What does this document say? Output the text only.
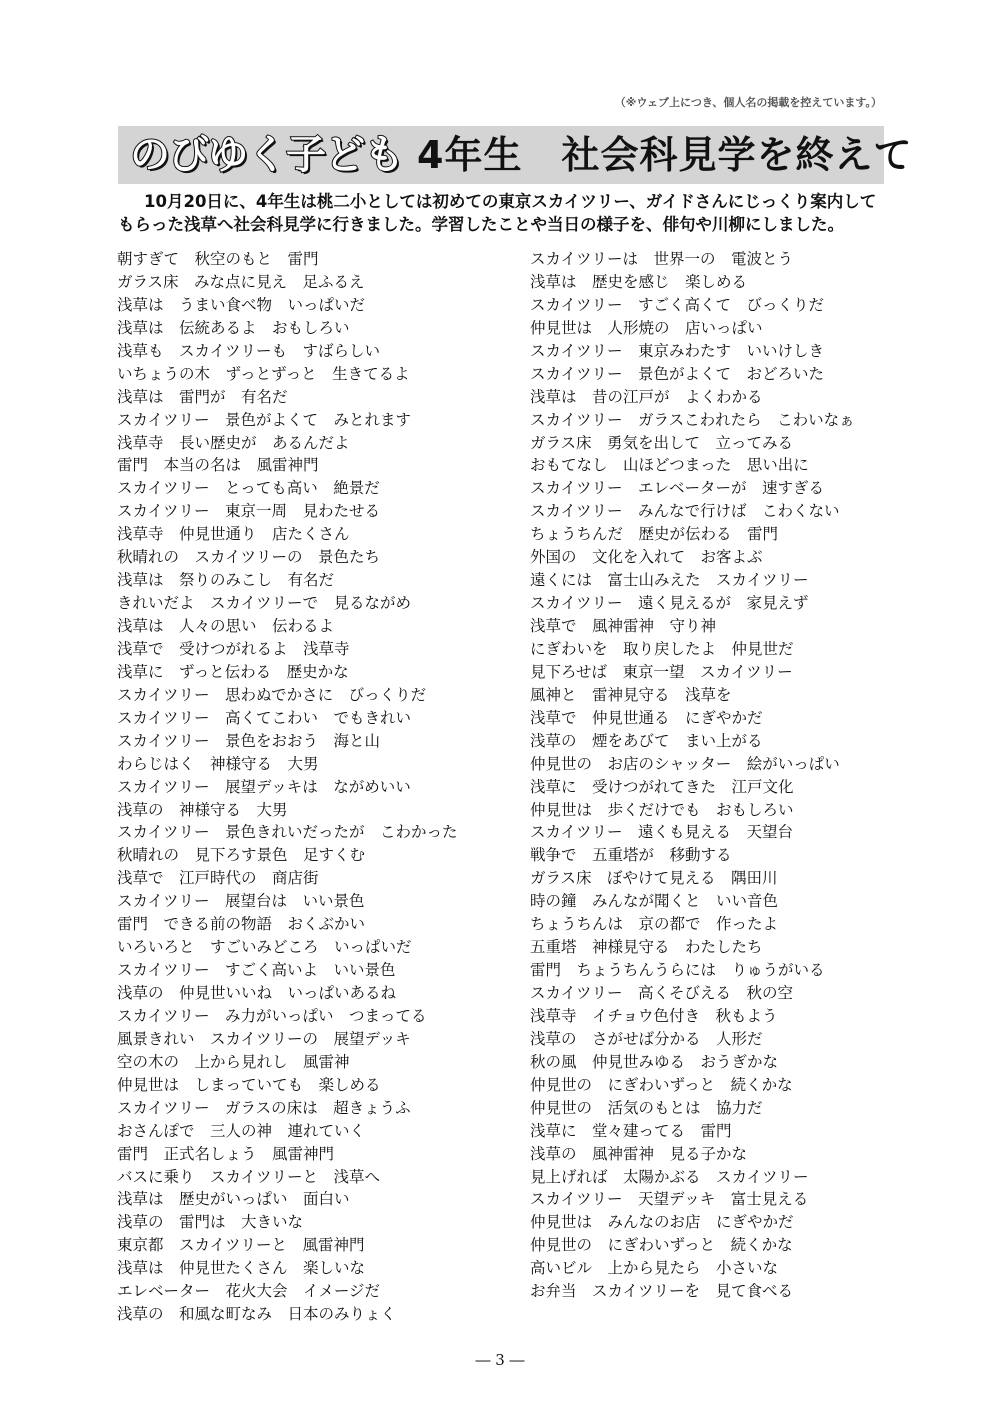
（※ウェブ上につき、個人名の掲載を控えています。）
のびゆく子ども 4年生　社会科見学を終えて
10月20日に、4年生は桃二小としては初めての東京スカイツリー、ガイドさんにじっくり案内してもらった浅草へ社会科見学に行きました。学習したことや当日の様子を、俳句や川柳にしました。
朝すぎて　秋空のもと　雷門
ガラス床　みな点に見え　足ふるえ
浅草は　うまい食べ物　いっぱいだ
浅草は　伝統あるよ　おもしろい
浅草も　スカイツリーも　すばらしい
いちょうの木　ずっとずっと　生きてるよ
浅草は　雷門が　有名だ
スカイツリー　景色がよくて　みとれます
浅草寺　長い歴史が　あるんだよ
雷門　本当の名は　風雷神門
スカイツリー　とっても高い　絶景だ
スカイツリー　東京一周　見わたせる
浅草寺　仲見世通り　店たくさん
秋晴れの　スカイツリーの　景色たち
浅草は　祭りのみこし　有名だ
きれいだよ　スカイツリーで　見るながめ
浅草は　人々の思い　伝わるよ
浅草で　受けつがれるよ　浅草寺
浅草に　ずっと伝わる　歴史かな
スカイツリー　思わぬでかさに　びっくりだ
スカイツリー　高くてこわい　でもきれい
スカイツリー　景色をおおう　海と山
わらじはく　神様守る　大男
スカイツリー　展望デッキは　ながめいい
浅草の　神様守る　大男
スカイツリー　景色きれいだったが　こわかった
秋晴れの　見下ろす景色　足すくむ
浅草で　江戸時代の　商店街
スカイツリー　展望台は　いい景色
雷門　できる前の物語　おくぶかい
いろいろと　すごいみどころ　いっぱいだ
スカイツリー　すごく高いよ　いい景色
浅草の　仲見世いいね　いっぱいあるね
スカイツリー　み力がいっぱい　つまってる
風景きれい　スカイツリーの　展望デッキ
空の木の　上から見れし　風雷神
仲見世は　しまっていても　楽しめる
スカイツリー　ガラスの床は　超きょうふ
おさんぽで　三人の神　連れていく
雷門　正式名しょう　風雷神門
バスに乗り　スカイツリーと　浅草へ
浅草は　歴史がいっぱい　面白い
浅草の　雷門は　大きいな
東京都　スカイツリーと　風雷神門
浅草は　仲見世たくさん　楽しいな
エレベーター　花火大会　イメージだ
浅草の　和風な町なみ　日本のみりょく
スカイツリーは　世界一の　電波とう
浅草は　歴史を感じ　楽しめる
スカイツリー　すごく高くて　びっくりだ
仲見世は　人形焼の　店いっぱい
スカイツリー　東京みわたす　いいけしき
スカイツリー　景色がよくて　おどろいた
浅草は　昔の江戸が　よくわかる
スカイツリー　ガラスこわれたら　こわいなぁ
ガラス床　勇気を出して　立ってみる
おもてなし　山ほどつまった　思い出に
スカイツリー　エレベーターが　速すぎる
スカイツリー　みんなで行けば　こわくない
ちょうちんだ　歴史が伝わる　雷門
外国の　文化を入れて　お客よぶ
遠くには　富士山みえた　スカイツリー
スカイツリー　遠く見えるが　家見えず
浅草で　風神雷神　守り神
にぎわいを　取り戻したよ　仲見世だ
見下ろせば　東京一望　スカイツリー
風神と　雷神見守る　浅草を
浅草で　仲見世通る　にぎやかだ
浅草の　煙をあびて　まい上がる
仲見世の　お店のシャッター　絵がいっぱい
浅草に　受けつがれてきた　江戸文化
仲見世は　歩くだけでも　おもしろい
スカイツリー　遠くも見える　天望台
戦争で　五重塔が　移動する
ガラス床　ぼやけて見える　隅田川
時の鐘　みんなが聞くと　いい音色
ちょうちんは　京の都で　作ったよ
五重塔　神様見守る　わたしたち
雷門　ちょうちんうらには　りゅうがいる
スカイツリー　高くそびえる　秋の空
浅草寺　イチョウ色付き　秋もよう
浅草の　さがせば分かる　人形だ
秋の風　仲見世みゆる　おうぎかな
仲見世の　にぎわいずっと　続くかな
仲見世の　活気のもとは　協力だ
浅草に　堂々建ってる　雷門
浅草の　風神雷神　見る子かな
見上げれば　太陽かぶる　スカイツリー
スカイツリー　天望デッキ　富士見える
仲見世は　みんなのお店　にぎやかだ
仲見世の　にぎわいずっと　続くかな
高いビル　上から見たら　小さいな
お弁当　スカイツリーを　見て食べる
― 3 ―
